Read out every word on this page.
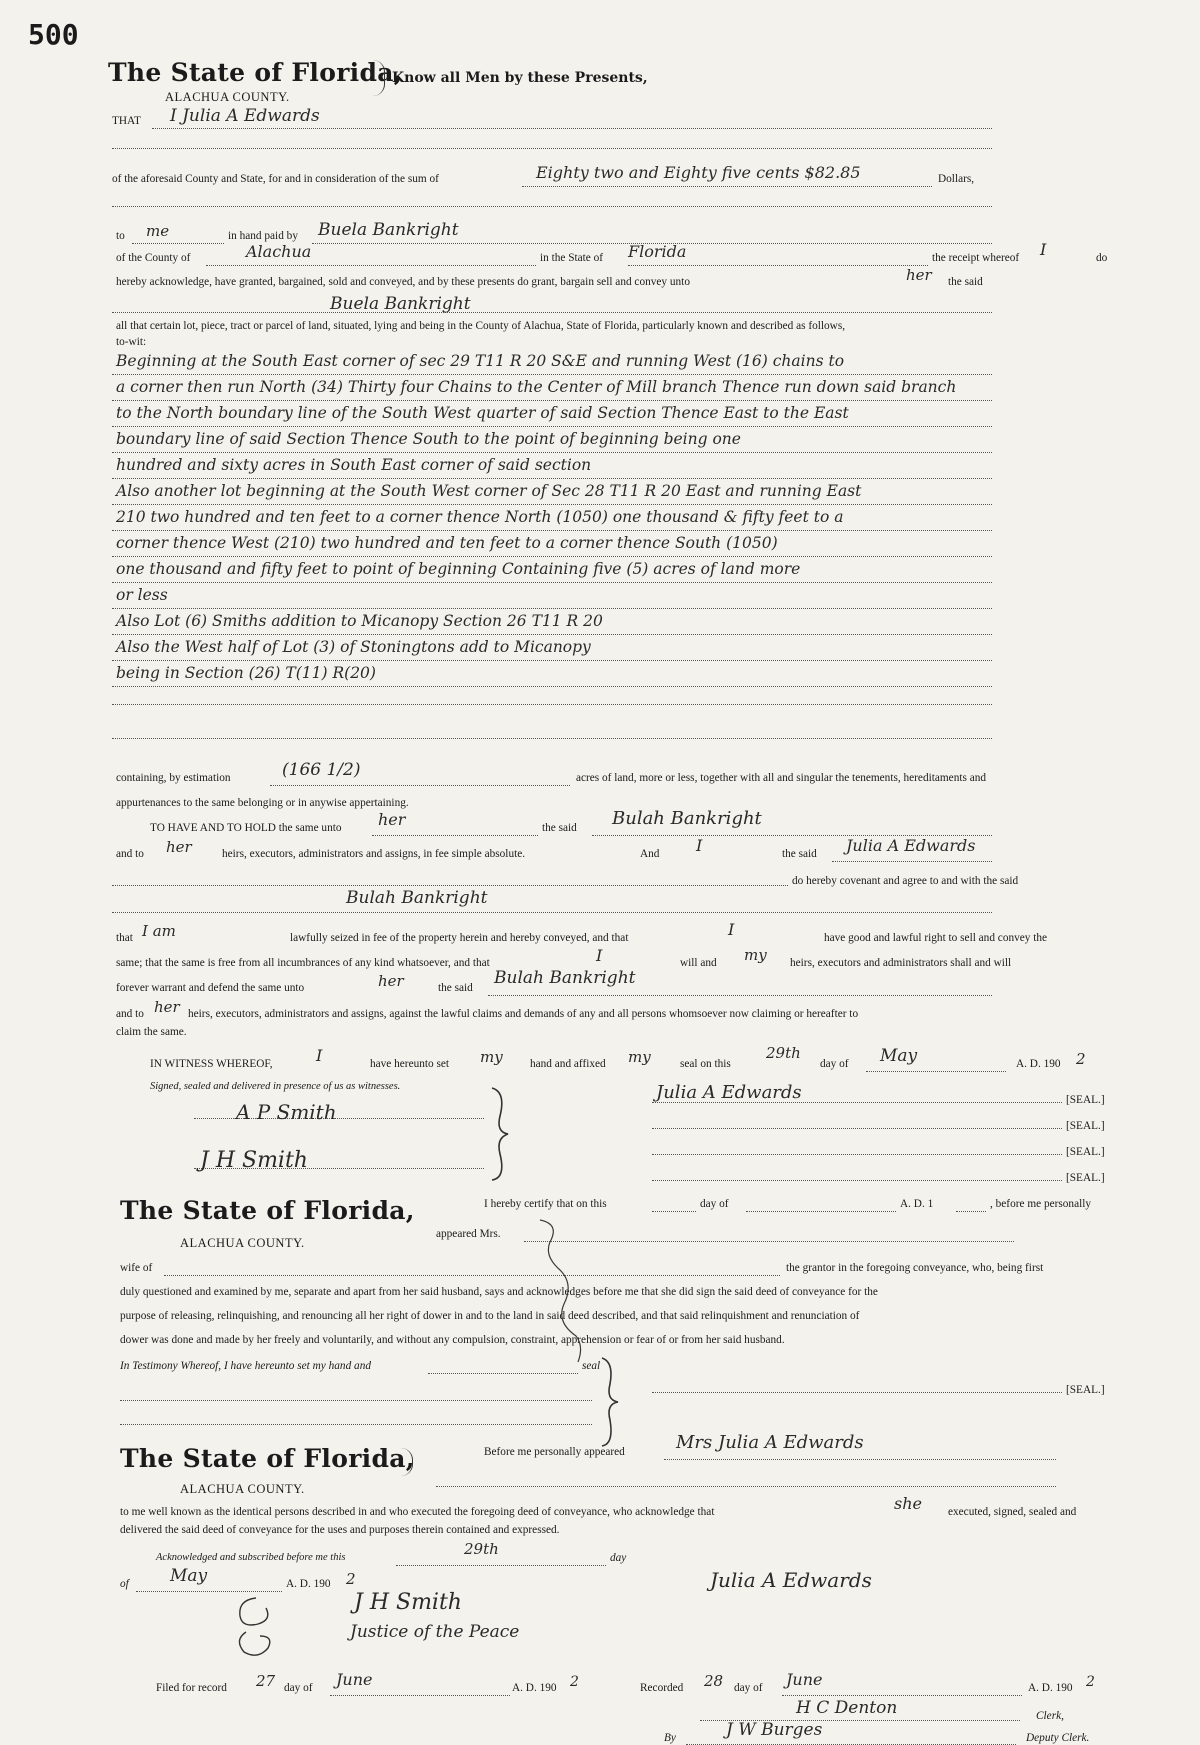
500
The State of Florida,
Know all Men by these Presents,
ALACHUA COUNTY.
THAT I Julia A Edwards
of the aforesaid County and State, for and in consideration of the sum of	Eighty two and Eighty five cents $82.85	Dollars,
to me	in hand paid by Buela Bankright
of the County of	Alachua	in the State of Florida	the receipt whereof I	do
hereby acknowledge, have granted, bargained, sold and conveyed, and by these presents do grant, bargain sell and convey unto	her the said
Buela Bankright
all that certain lot, piece, tract or parcel of land, situated, lying and being in the County of Alachua, State of Florida, particularly known and described as follows,
to-wit:
Beginning at the South East corner of sec 29 T11 R 20 S&E and running West (16) chains to
a corner then run North (34) Thirty four Chains to the Center of Mill branch Thence run down said branch
to the North boundary line of the South West quarter of said Section Thence East to the East
boundary line of said Section Thence South to the point of beginning being one
hundred and sixty acres in South East corner of said section
Also another lot beginning at the South West corner of Sec 28 T11 R 20 East and running East
210 two hundred and ten feet to a corner thence North (1050) one thousand & fifty feet to a
corner thence West (210) two hundred and ten feet to a corner thence South (1050)
one thousand and fifty feet to point of beginning Containing five (5) acres of land more
or less
Also Lot (6) Smiths addition to Micanopy Section 26 T11 R 20
Also the West half of Lot (3) of Stoningtons add to Micanopy
being in Section (26) T(11) R(20)
containing, by estimation	(166 1/2)	acres of land, more or less, together with all and singular the tenements, hereditaments and
appurtenances to the same belonging or in anywise appertaining.
TO HAVE AND TO HOLD the same unto her	the said Bulah Bankright
and to her	heirs, executors, administrators and assigns, in fee simple absolute.	And I	the said Julia A Edwards
do hereby covenant and agree to and with the said
Bulah Bankright
that I am	lawfully seized in fee of the property herein and hereby conveyed, and that	I	have good and lawful right to sell and convey the
same; that the same is free from all incumbrances of any kind whatsoever, and that	I	will and my heirs, executors and administrators shall and will
forever warrant and defend the same unto	her	the said Bulah Bankright
and to her heirs, executors, administrators and assigns, against the lawful claims and demands of any and all persons whomsoever now claiming or hereafter to
claim the same.
IN WITNESS WHEREOF,	I	have hereunto set my hand and affixed my	seal on this
29th
day of May	A. D. 190 2
Signed, sealed and delivered in presence of us as witnesses.
A P Smith
J H Smith
Julia A Edwards	[SEAL.]
[SEAL.]
[SEAL.]
[SEAL.]
The State of Florida,
ALACHUA COUNTY.
I hereby certify that on this	day of	A. D. 1	, before me personally
appeared Mrs.
wife of	the grantor in the foregoing conveyance, who, being first
duly questioned and examined by me, separate and apart from her said husband, says and acknowledges before me that she did sign the said deed of conveyance for the
purpose of releasing, relinquishing, and renouncing all her right of dower in and to the land in said deed described, and that said relinquishment and renunciation of
dower was done and made by her freely and voluntarily, and without any compulsion, constraint, apprehension or fear of or from her said husband.
In Testimony Whereof, I have hereunto set my hand and	seal
[SEAL.]
The State of Florida,
ALACHUA COUNTY.
Before me personally appeared	Mrs Julia A Edwards
to me well known as the identical persons described in and who executed the foregoing deed of conveyance, who acknowledge that	she executed, signed, sealed and
delivered the said deed of conveyance for the uses and purposes therein contained and expressed.
Acknowledged and subscribed before me this	29th	day
of May	A. D. 190 2
J H Smith
Justice of the Peace
Julia A Edwards
Filed for record 27 day of June	A. D. 190 2	Recorded 28 day of June	A. D. 190 2
H C Denton	Clerk,
By	J W Burges	Deputy Clerk.
